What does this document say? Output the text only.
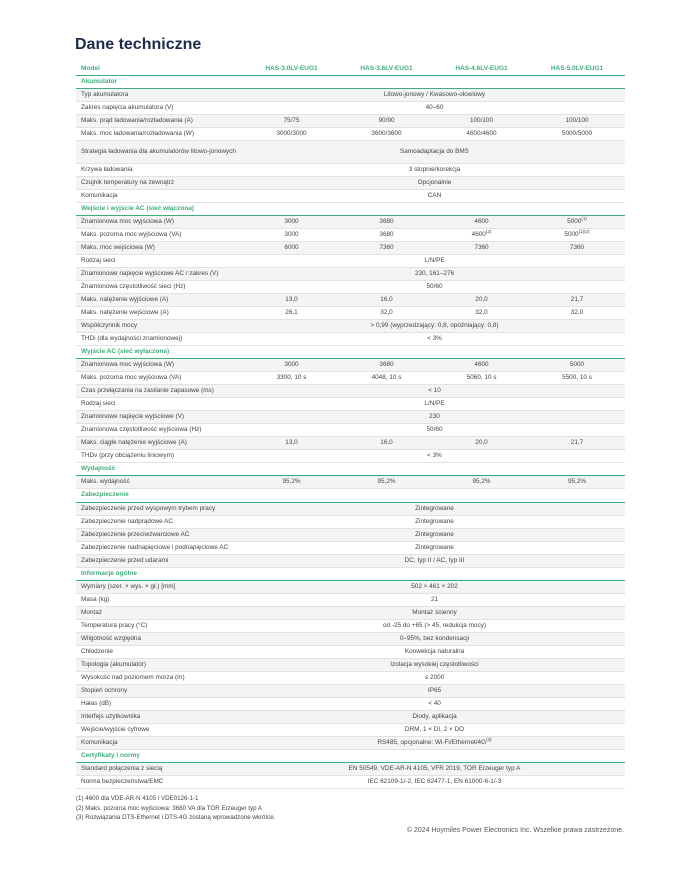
Dane techniczne
Model	HAS-3.0LV-EUG1	HAS-3.6LV-EUG1	HAS-4.6LV-EUG1	HAS-5.0LV-EUG1
Akumulator				
Typ akumulatora	Litowo-jonowy / Kwasowo-ołowiowy			
Zakres napięcia akumulatora (V)	40–60			
Maks. prąd ładowania/rozładowania (A)	75/75	90/90	100/100	100/100
Maks. moc ładowania/rozładowania (W)	3000/3000	3600/3600	4600/4600	5000/5000
Strategia ładowania dla akumulatorów litowo-jonowych	Samoadaptacja do BMS			
Krzywa ładowania	3 stopnie/korekcja			
Czujnik temperatury na zewnątrz	Opcjonalnie			
Komunikacja	CAN			
Wejście i wyjście AC (sieć włączona)				
Znamionowa moc wyjściowa (W)	3000	3680	4600	5000$^{(1)}$
Maks. pozorna moc wyjściowa (VA)	3000	3680	4600$^{(2)}$	$5000^{(1)(2)}$
Maks. moc wejściowa (W)	6000	7360	7360	7360
Rodzaj sieci	L/N/PE			
Znamionowe napięcie wyjściowe AC / zakres (V)	230, 161–276			
Znamionowa częstotliwość sieci (Hz)	50/60			
Maks. natężenie wyjściowe (A)	13,0	16,0	20,0	21,7
Maks. natężenie wejściowe (A)	26,1	32,0	32,0	32,0
Współczynnik mocy	> 0,99 (wyprzedzający: 0,8, opóźniający: 0,8)			
THDi (dla wydajności znamionowej)	< 3%			
Wyjście AC (sieć wyłączona)				
Znamionowa moc wyjściowa (W)	3000	3680	4600	5000
Maks. pozorna moc wyjściowa (VA)	3300, 10 s	4048, 10 s	5060, 10 s	5500, 10 s
Czas przełączania na zasilanie zapasowe (ms)	< 10			
Rodzaj sieci	L/N/PE			
Znamionowe napięcie wyjściowe (V)	230			
Znamionowa częstotliwość wyjściowa (Hz)	50/60			
Maks. ciągłe natężenie wyjściowe (A)	13,0	16,0	20,0	21,7
THDv (przy obciążeniu liniowym)	< 3%			
Wydajność				
Maks. wydajność	95,2%	95,2%	95,2%	95,2%
Zabezpieczenie				
Zabezpieczenie przed wyspowym trybem pracy	Zintegrowane			
Zabezpieczenie nadprądowe AC	Zintegrowane			
Zabezpieczenie przeciwzwarciowe AC	Zintegrowane			
Zabezpieczenie nadnapięciowe i podnapięciowe AC	Zintegrowane			
Zabezpieczenie przed udarami	DC, typ II / AC, typ III			
Informacje ogólne				
Wymiary (szer. × wys. × gł.) [mm]	502 × 461 × 202			
Masa (kg)	21			
Montaż	Montaż ścienny			
Temperatura pracy (°C)	od -25 do +65 (> 45, redukcja mocy)			
Wilgotność względna	0–95%, bez kondensacji			
Chłodzenie	Konwekcja naturalna			
Topologia (akumulator)	Izolacja wysokiej częstotliwości			
Wysokość nad poziomem morza (m)	≤ 2000			
Stopień ochrony	IP65			
Hałas (dB)	< 40			
Interfejs użytkownika	Diody, aplikacja			
Wejście/wyjście cyfrowe	DRM, 1 × DI, 2 × DO			
Komunikacja	RS485, opcjonalne: $Wi-Fi/Ethernet/4G^{(3)}$
Certyfikaty i normy				
Standard połączenia z siecią	EN 50549, VDE-AR-N 4105, VFR 2019, TOR Erzeuger typ A			
Norma bezpieczeństwa/EMC	IEC 62109-1/-2, IEC 62477-1, EN 61000-6-1/-3			
(1) 4600 dla VDE-AR-N 4105 i VDE0126-1-1
(2) Maks. pozorna moc wyjściowa: 3680 VA dla TOR Erzeuger typ A
(3) Rozwiązania DTS-Ethernet i DTS-4G zostaną wprowadzone wkrótce.
© 2024 Hoymiles Power Electronics Inc. Wszelkie prawa zastrzeżone.
